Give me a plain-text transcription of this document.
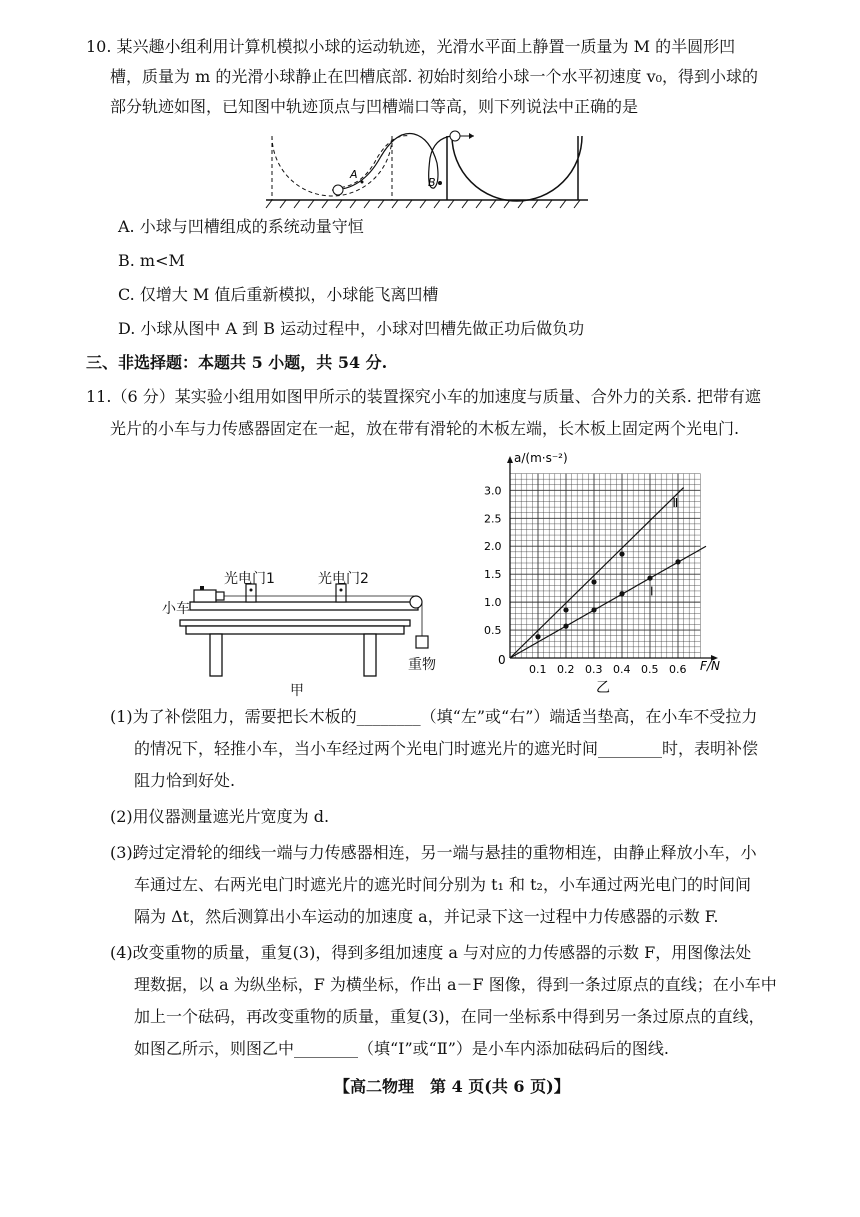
10. 某兴趣小组利用计算机模拟小球的运动轨迹，光滑水平面上静置一质量为 M 的半圆形凹
槽，质量为 m 的光滑小球静止在凹槽底部. 初始时刻给小球一个水平初速度 v₀，得到小球的
部分轨迹如图，已知图中轨迹顶点与凹槽端口等高，则下列说法中正确的是
A
B
A. 小球与凹槽组成的系统动量守恒
B. m<M
C. 仅增大 M 值后重新模拟，小球能飞离凹槽
D. 小球从图中 A 到 B 运动过程中，小球对凹槽先做正功后做负功
三、非选择题：本题共 5 小题，共 54 分.
11.（6 分）某实验小组用如图甲所示的装置探究小车的加速度与质量、合外力的关系. 把带有遮
光片的小车与力传感器固定在一起，放在带有滑轮的木板左端，长木板上固定两个光电门.
光电门1	光电门2
小车
重物
甲
0.1 0.2 0.3 0.4 0.5 0.6
0.5
1.0
1.5
2.0
2.5
3.0
Ⅱ
Ⅰ
a/(m·s⁻²)
F/N
0
乙
(1)为了补偿阻力，需要把长木板的________（填“左”或“右”）端适当垫高，在小车不受拉力
的情况下，轻推小车，当小车经过两个光电门时遮光片的遮光时间________时，表明补偿
阻力恰到好处.
(2)用仪器测量遮光片宽度为 d.
(3)跨过定滑轮的细线一端与力传感器相连，另一端与悬挂的重物相连，由静止释放小车，小
车通过左、右两光电门时遮光片的遮光时间分别为 t₁ 和 t₂，小车通过两光电门的时间间
隔为 Δt，然后测算出小车运动的加速度 a，并记录下这一过程中力传感器的示数 F.
(4)改变重物的质量，重复(3)，得到多组加速度 a 与对应的力传感器的示数 F，用图像法处
理数据，以 a 为纵坐标，F 为横坐标，作出 a－F 图像，得到一条过原点的直线；在小车中
加上一个砝码，再改变重物的质量，重复(3)，在同一坐标系中得到另一条过原点的直线，
如图乙所示，则图乙中________（填“Ⅰ”或“Ⅱ”）是小车内添加砝码后的图线.
【高二物理　第 4 页(共 6 页)】
